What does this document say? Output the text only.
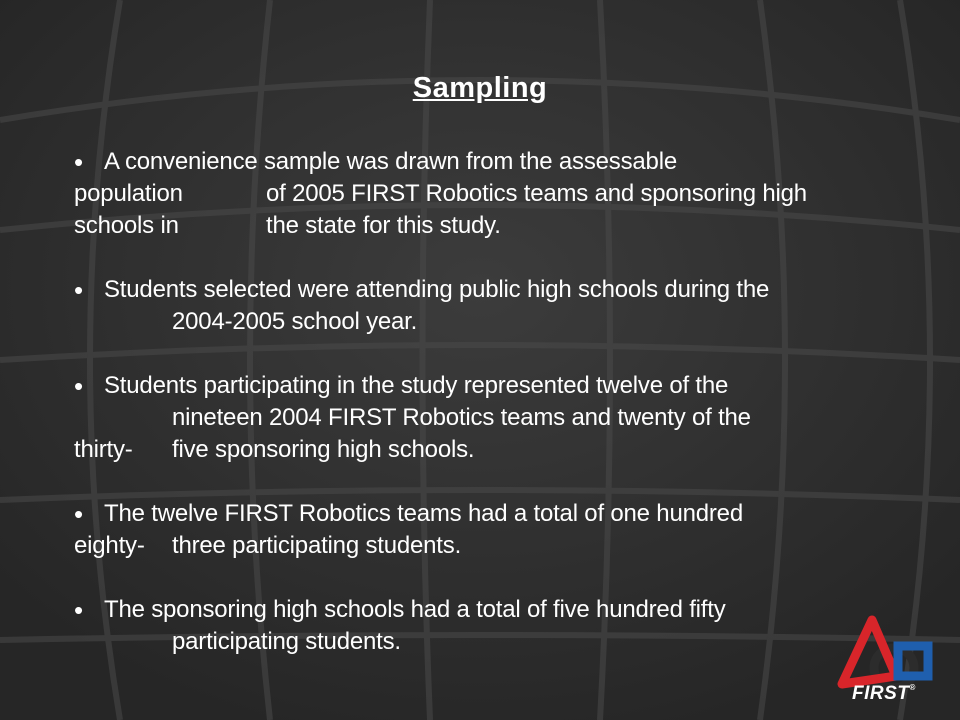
Sampling
• A convenience sample was drawn from the assessable
population	of 2005 FIRST Robotics teams and sponsoring high
schools in	the state for this study.
• Students selected were attending public high schools during the
2004-2005 school year.
• Students participating in the study represented twelve of the
nineteen 2004 FIRST Robotics teams and twenty of the
thirty- five sponsoring high schools.
• The twelve FIRST Robotics teams had a total of one hundred
eighty- three participating students.
• The sponsoring high schools had a total of five hundred fifty
participating students.
FIRST®
